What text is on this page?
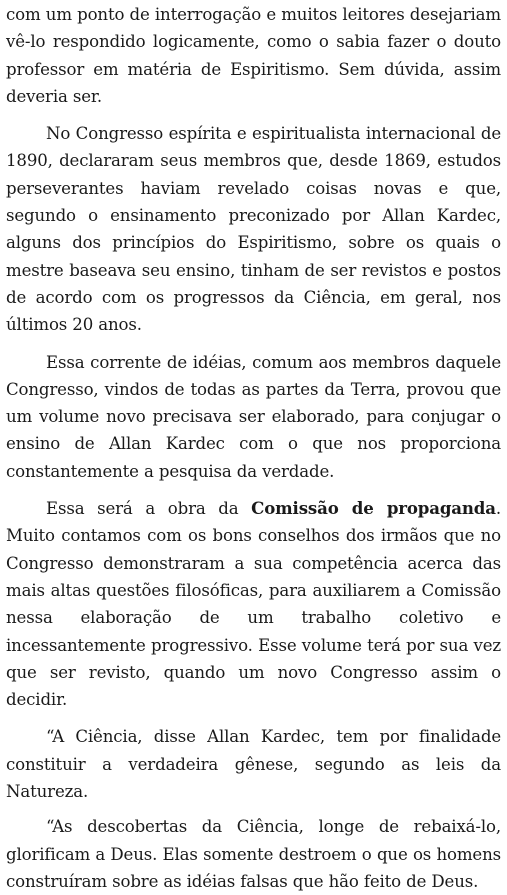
com um ponto de interrogação e muitos leitores desejariam vê-lo respondido logicamente, como o sabia fazer o douto professor em matéria de Espiritismo. Sem dúvida, assim deveria ser.

No Congresso espírita e espiritualista internacional de 1890, declararam seus membros que, desde 1869, estudos perseverantes haviam revelado coisas novas e que, segundo o ensinamento preconizado por Allan Kardec, alguns dos princípios do Espiritismo, sobre os quais o mestre baseava seu ensino, tinham de ser revistos e postos de acordo com os progressos da Ciência, em geral, nos últimos 20 anos.

Essa corrente de idéias, comum aos membros daquele Congresso, vindos de todas as partes da Terra, provou que um volume novo precisava ser elaborado, para conjugar o ensino de Allan Kardec com o que nos proporciona constantemente a pesquisa da verdade.

Essa será a obra da Comissão de propaganda. Muito contamos com os bons conselhos dos irmãos que no Congresso demonstraram a sua competência acerca das mais altas questões filosóficas, para auxiliarem a Comissão nessa elaboração de um trabalho coletivo e incessantemente progressivo. Esse volume terá por sua vez que ser revisto, quando um novo Congresso assim o decidir.

“A Ciência, disse Allan Kardec, tem por finalidade constituir a verdadeira gênese, segundo as leis da Natureza.

“As descobertas da Ciência, longe de rebaixá-lo, glorificam a Deus. Elas somente destroem o que os homens construíram sobre as idéias falsas que hão feito de Deus.
